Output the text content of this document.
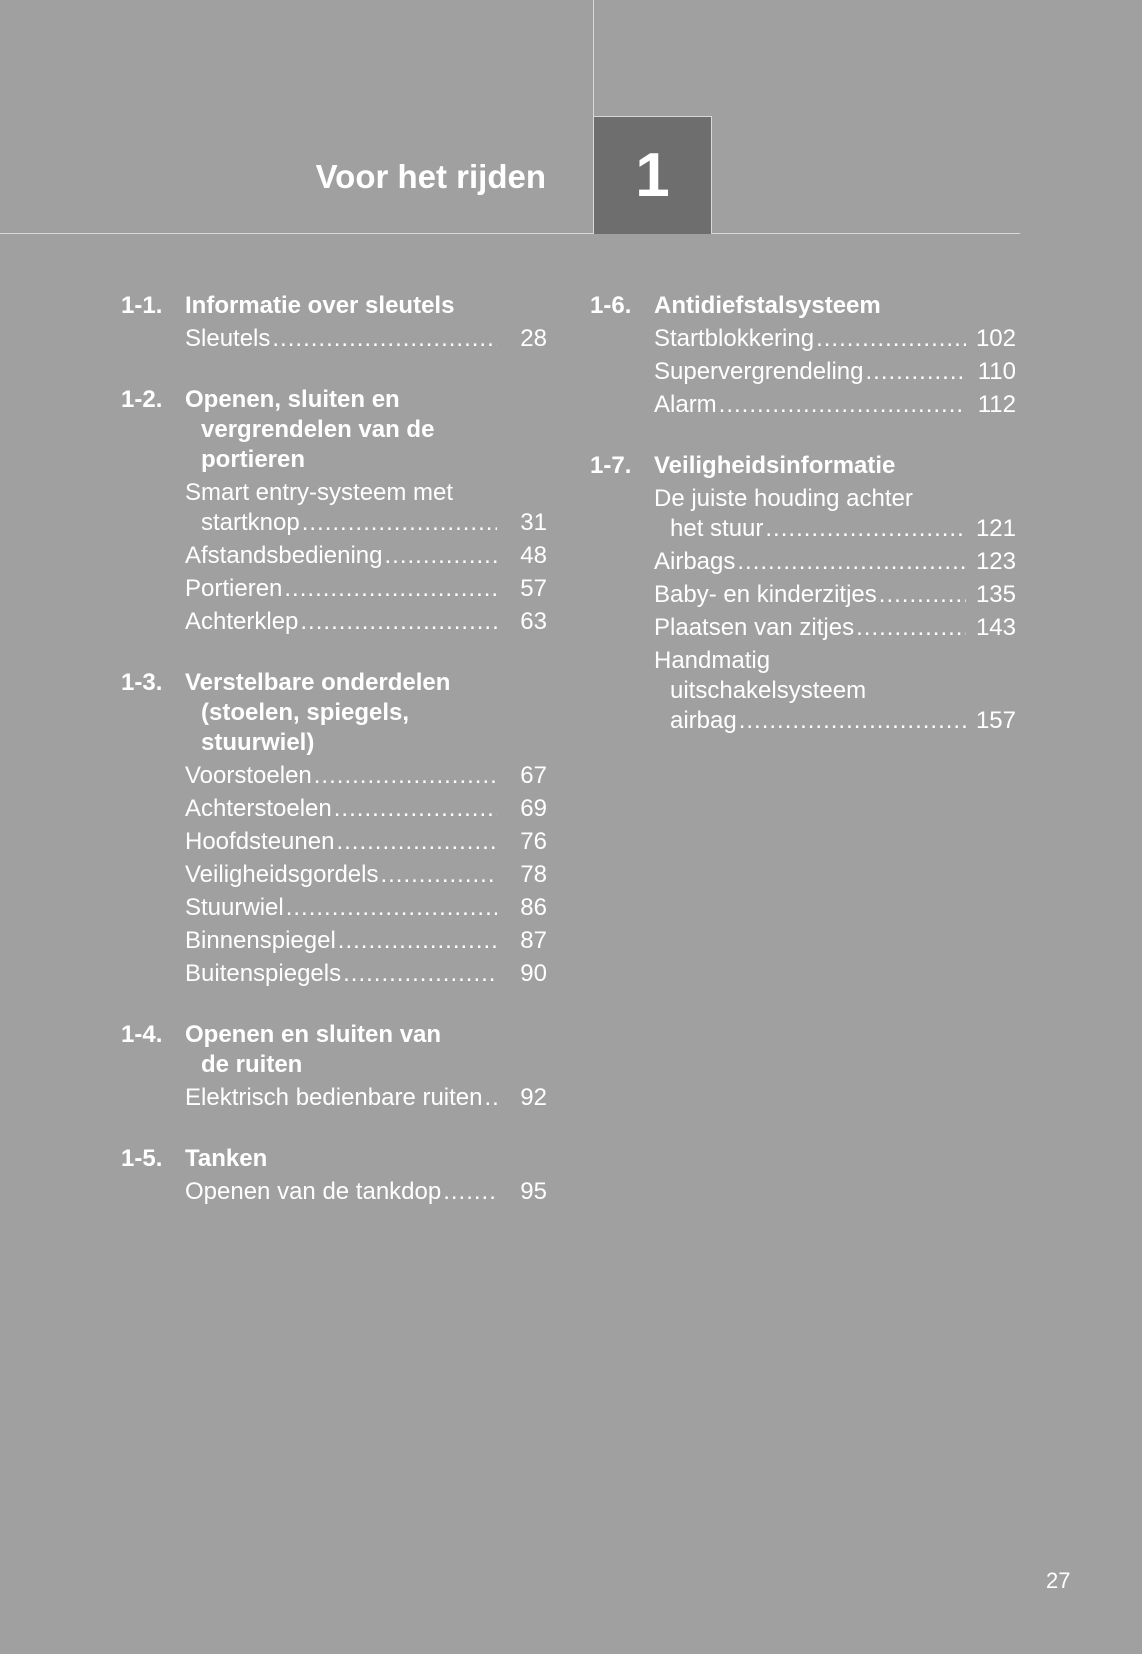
Voor het rijden 1
1-1. Informatie over sleutels
Sleutels .....	28
1-2. Openen, sluiten en
vergrendelen van de
portieren
Smart entry-systeem met
startknop .....	31
Afstandsbediening .....	48
Portieren .....	57
Achterklep .....	63
1-3. Verstelbare onderdelen
(stoelen, spiegels,
stuurwiel)
Voorstoelen .....	67
Achterstoelen .....	69
Hoofdsteunen .....	76
Veiligheidsgordels .....	78
Stuurwiel .....	86
Binnenspiegel .....	87
Buitenspiegels .....	90
1-4. Openen en sluiten van
de ruiten
Elektrisch bedienbare ruiten .....	92
1-5. Tanken
Openen van de tankdop .....	95
1-6. Antidiefstalsysteem
Startblokkering .....	102
Supervergrendeling .....	110
Alarm .....	112
1-7. Veiligheidsinformatie
De juiste houding achter
het stuur .....	121
Airbags .....	123
Baby- en kinderzitjes .....	135
Plaatsen van zitjes .....	143
Handmatig
uitschakelsysteem
airbag .....	157
27
